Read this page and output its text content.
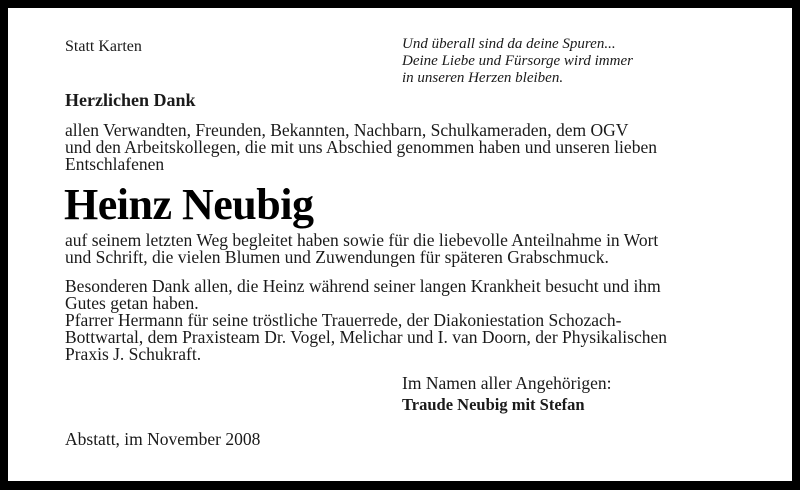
Statt Karten	Und überall sind da deine Spuren...
Deine Liebe und Fürsorge wird immer
in unseren Herzen bleiben.
Herzlichen Dank
allen Verwandten, Freunden, Bekannten, Nachbarn, Schulkameraden, dem OGV
und den Arbeitskollegen, die mit uns Abschied genommen haben und unseren lieben
Entschlafenen
Heinz Neubig
auf seinem letzten Weg begleitet haben sowie für die liebevolle Anteilnahme in Wort
und Schrift, die vielen Blumen und Zuwendungen für späteren Grabschmuck.
Besonderen Dank allen, die Heinz während seiner langen Krankheit besucht und ihm
Gutes getan haben.
Pfarrer Hermann für seine tröstliche Trauerrede, der Diakoniestation Schozach-
Bottwartal, dem Praxisteam Dr. Vogel, Melichar und I. van Doorn, der Physikalischen
Praxis J. Schukraft.
Im Namen aller Angehörigen:
Traude Neubig mit Stefan
Abstatt, im November 2008
